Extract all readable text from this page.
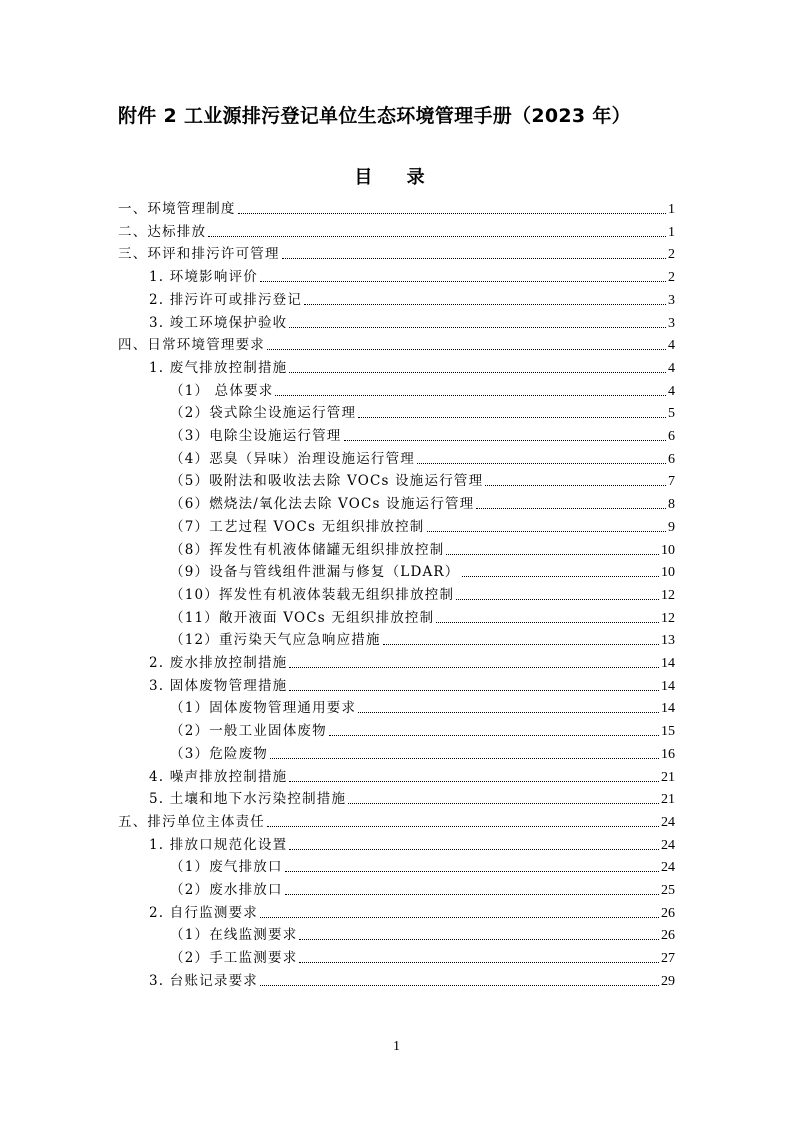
附件 2 工业源排污登记单位生态环境管理手册（2023 年）
目 录
一、环境管理制度	1
二、达标排放	1
三、环评和排污许可管理	2
1. 环境影响评价	2
2. 排污许可或排污登记	3
3. 竣工环境保护验收	3
四、日常环境管理要求	4
1. 废气排放控制措施	4
（1） 总体要求	4
（2）袋式除尘设施运行管理	5
（3）电除尘设施运行管理	6
（4）恶臭（异味）治理设施运行管理	6
（5）吸附法和吸收法去除 VOCs 设施运行管理	7
（6）燃烧法/氧化法去除 VOCs 设施运行管理	8
（7）工艺过程 VOCs 无组织排放控制	9
（8）挥发性有机液体储罐无组织排放控制	10
（9）设备与管线组件泄漏与修复（LDAR）	10
（10）挥发性有机液体装载无组织排放控制	12
（11）敞开液面 VOCs 无组织排放控制	12
（12）重污染天气应急响应措施	13
2. 废水排放控制措施	14
3. 固体废物管理措施	14
（1）固体废物管理通用要求	14
（2）一般工业固体废物	15
（3）危险废物	16
4. 噪声排放控制措施	21
5. 土壤和地下水污染控制措施	21
五、排污单位主体责任	24
1. 排放口规范化设置	24
（1）废气排放口	24
（2）废水排放口	25
2. 自行监测要求	26
（1）在线监测要求	26
（2）手工监测要求	27
3. 台账记录要求	29
1
